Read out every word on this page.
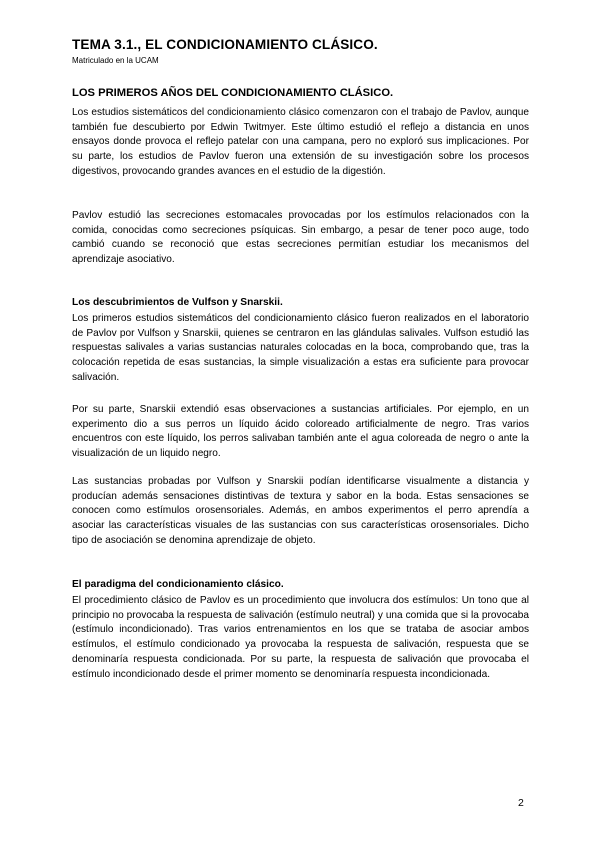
TEMA 3.1., EL CONDICIONAMIENTO CLÁSICO.
Matriculado en la UCAM
LOS PRIMEROS AÑOS DEL CONDICIONAMIENTO CLÁSICO.
Los estudios sistemáticos del condicionamiento clásico comenzaron con el trabajo de Pavlov, aunque también fue descubierto por Edwin Twitmyer. Este último estudió el reflejo a distancia en unos ensayos donde provoca el reflejo patelar con una campana, pero no exploró sus implicaciones. Por su parte, los estudios de Pavlov fueron una extensión de su investigación sobre los procesos digestivos, provocando grandes avances en el estudio de la digestión.
Pavlov estudió las secreciones estomacales provocadas por los estímulos relacionados con la comida, conocidas como secreciones psíquicas. Sin embargo, a pesar de tener poco auge, todo cambió cuando se reconoció que estas secreciones permitían estudiar los mecanismos del aprendizaje asociativo.
Los descubrimientos de Vulfson y Snarskii.
Los primeros estudios sistemáticos del condicionamiento clásico fueron realizados en el laboratorio de Pavlov por Vulfson y Snarskii, quienes se centraron en las glándulas salivales. Vulfson estudió las respuestas salivales a varias sustancias naturales colocadas en la boca, comprobando que, tras la colocación repetida de esas sustancias, la simple visualización a estas era suficiente para provocar salivación.
Por su parte, Snarskii extendió esas observaciones a sustancias artificiales. Por ejemplo, en un experimento dio a sus perros un líquido ácido coloreado artificialmente de negro. Tras varios encuentros con este líquido, los perros salivaban también ante el agua coloreada de negro o ante la visualización de un liquido negro.
Las sustancias probadas por Vulfson y Snarskii podían identificarse visualmente a distancia y producían además sensaciones distintivas de textura y sabor en la boda. Estas sensaciones se conocen como estímulos orosensoriales. Además, en ambos experimentos el perro aprendía a asociar las características visuales de las sustancias con sus características orosensoriales. Dicho tipo de asociación se denomina aprendizaje de objeto.
El paradigma del condicionamiento clásico.
El procedimiento clásico de Pavlov es un procedimiento que involucra dos estímulos: Un tono que al principio no provocaba la respuesta de salivación (estímulo neutral) y una comida que si la provocaba (estímulo incondicionado). Tras varios entrenamientos en los que se trataba de asociar ambos estímulos, el estímulo condicionado ya provocaba la respuesta de salivación, respuesta que se denominaría respuesta condicionada. Por su parte, la respuesta de salivación que provocaba el estímulo incondicionado desde el primer momento se denominaría respuesta incondicionada.
2
